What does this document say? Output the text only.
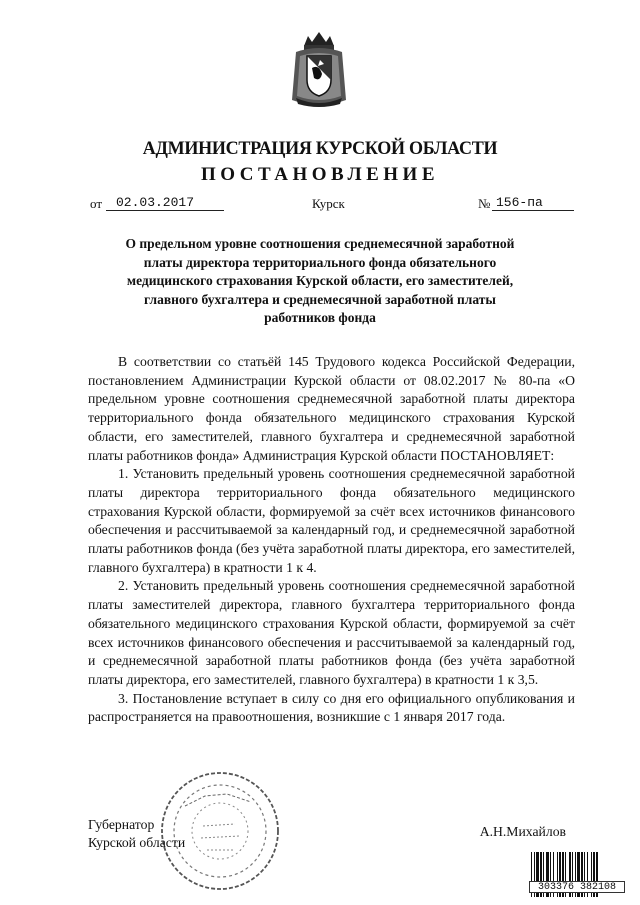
АДМИНИСТРАЦИЯ КУРСКОЙ ОБЛАСТИ
ПОСТАНОВЛЕНИЕ
от	02.03.2017	Курск	№ 156-па
О предельном уровне соотношения среднемесячной заработной платы директора территориального фонда обязательного медицинского страхования Курской области, его заместителей, главного бухгалтера и среднемесячной заработной платы работников фонда

В соответствии со статьёй 145 Трудового кодекса Российской Федерации, постановлением Администрации Курской области от 08.02.2017 № 80-па «О предельном уровне соотношения среднемесячной заработной платы директора территориального фонда обязательного медицинского страхования Курской области, его заместителей, главного бухгалтера и среднемесячной заработной платы работников фонда» Администрация Курской области ПОСТАНОВЛЯЕТ:

1. Установить предельный уровень соотношения среднемесячной заработной платы директора территориального фонда обязательного медицинского страхования Курской области, формируемой за счёт всех источников финансового обеспечения и рассчитываемой за календарный год, и среднемесячной заработной платы работников фонда (без учёта заработной платы директора, его заместителей, главного бухгалтера) в кратности 1 к 4.

2. Установить предельный уровень соотношения среднемесячной заработной платы заместителей директора, главного бухгалтера территориального фонда обязательного медицинского страхования Курской области, формируемой за счёт всех источников финансового обеспечения и рассчитываемой за календарный год, и среднемесячной заработной платы работников фонда (без учёта заработной платы директора, его заместителей, главного бухгалтера) в кратности 1 к 3,5.

3. Постановление вступает в силу со дня его официального опубликования и распространяется на правоотношения, возникшие с 1 января 2017 года.

Губернатор
Курской области
А.Н.Михайлов
303376 382108
